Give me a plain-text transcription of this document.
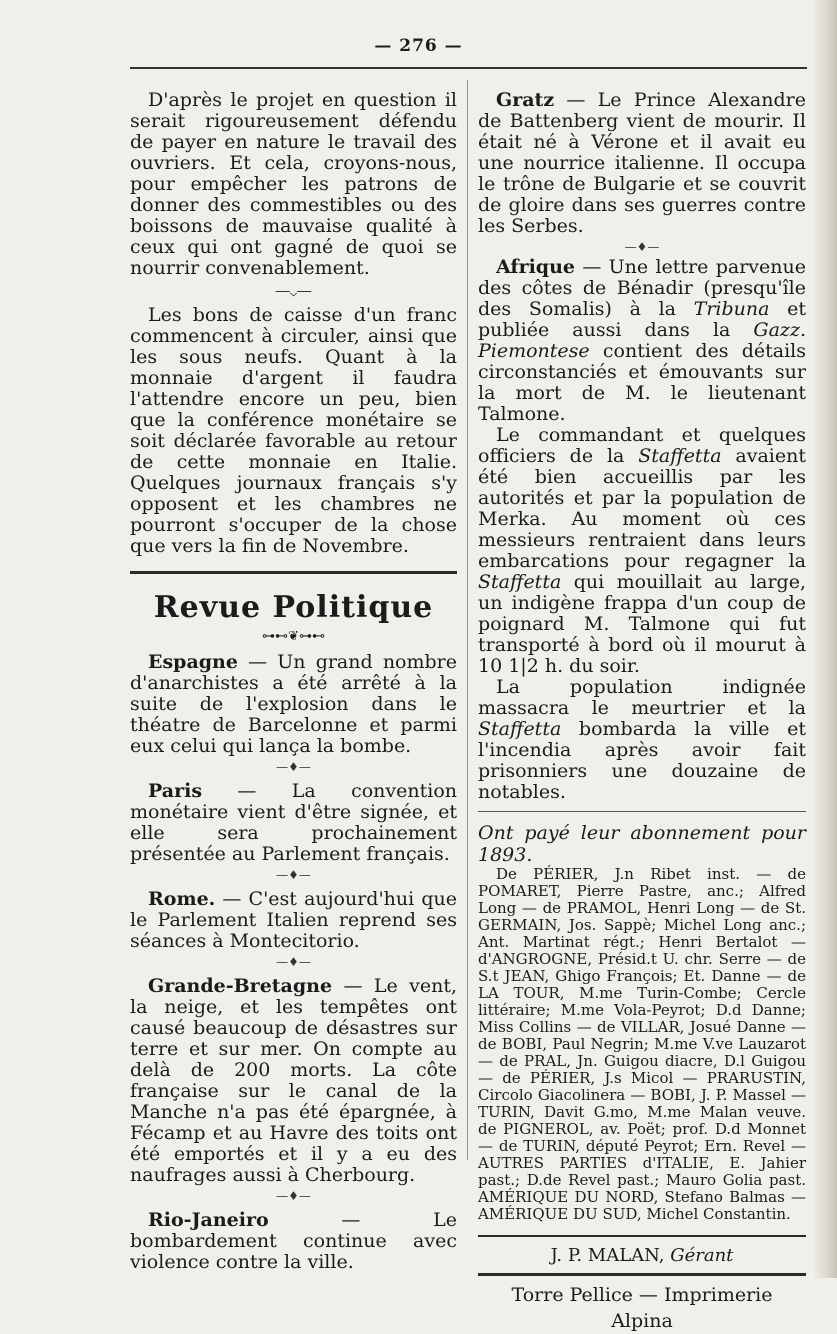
— 276 —

D'après le projet en question il serait rigoureusement défendu de payer en nature le travail des ouvriers. Et cela, croyons-nous, pour empêcher les patrons de donner des commestibles ou des boissons de mauvaise qualité à ceux qui ont gagné de quoi se nourrir convenablement.

⎯⎯⌄⎯⎯

Les bons de caisse d'un franc commencent à circuler, ainsi que les sous neufs. Quant à la monnaie d'argent il faudra l'attendre encore un peu, bien que la conférence monétaire se soit déclarée favorable au retour de cette monnaie en Italie. Quelques journaux français s'y opposent et les chambres ne pourront s'occuper de la chose que vers la fin de Novembre.

Revue Politique
⊶⊷❦⊶⊷

Espagne — Un grand nombre d'anarchistes a été arrêté à la suite de l'explosion dans le théatre de Barcelonne et parmi eux celui qui lança la bombe.

—♦—

Paris — La convention monétaire vient d'être signée, et elle sera prochainement présentée au Parlement français.

—♦—

Rome. — C'est aujourd'hui que le Parlement Italien reprend ses séances à Montecitorio.

—♦—

Grande-Bretagne — Le vent, la neige, et les tempêtes ont causé beaucoup de désastres sur terre et sur mer. On compte au delà de 200 morts. La côte française sur le canal de la Manche n'a pas été épargnée, à Fécamp et au Havre des toits ont été emportés et il y a eu des naufrages aussi à Cherbourg.

—♦—

Rio-Janeiro — Le bombardement continue avec violence contre la ville.

Gratz — Le Prince Alexandre de Battenberg vient de mourir. Il était né à Vérone et il avait eu une nourrice italienne. Il occupa le trône de Bulgarie et se couvrit de gloire dans ses guerres contre les Serbes.

—♦—

Afrique — Une lettre parvenue des côtes de Bénadir (presqu'île des Somalis) à la Tribuna et publiée aussi dans la Gazz. Piemontese contient des détails circonstanciés et émouvants sur la mort de M. le lieutenant Talmone.

Le commandant et quelques officiers de la Staffetta avaient été bien accueillis par les autorités et par la population de Merka. Au moment où ces messieurs rentraient dans leurs embarcations pour regagner la Staffetta qui mouillait au large, un indigène frappa d'un coup de poignard M. Talmone qui fut transporté à bord où il mourut à 10 1|2 h. du soir.

La population indignée massacra le meurtrier et la Staffetta bombarda la ville et l'incendia après avoir fait prisonniers une douzaine de notables.

Ont payé leur abonnement pour 1893.

De PÉRIER, J.n Ribet inst. — de POMARET, Pierre Pastre, anc.; Alfred Long — de PRAMOL, Henri Long — de St. GERMAIN, Jos. Sappè; Michel Long anc.; Ant. Martinat régt.; Henri Bertalot — d'ANGROGNE, Présid.t U. chr. Serre — de S.t JEAN, Ghigo François; Et. Danne — de LA TOUR, M.me Turin-Combe; Cercle littéraire; M.me Vola-Peyrot; D.d Danne; Miss Collins — de VILLAR, Josué Danne — de BOBI, Paul Negrin; M.me V.ve Lauzarot — de PRAL, Jn. Guigou diacre, D.l Guigou — de PÉRIER, J.s Micol — PRARUSTIN, Circolo Giacolinera — BOBI, J. P. Massel — TURIN, Davit G.mo, M.me Malan veuve. de PIGNEROL, av. Poët; prof. D.d Monnet — de TURIN, député Peyrot; Ern. Revel — AUTRES PARTIES d'ITALIE, E. Jahier past.; D.de Revel past.; Mauro Golia past. AMÉRIQUE DU NORD, Stefano Balmas — AMÉRIQUE DU SUD, Michel Constantin.

J. P. MALAN, Gérant
Torre Pellice — Imprimerie Alpina
